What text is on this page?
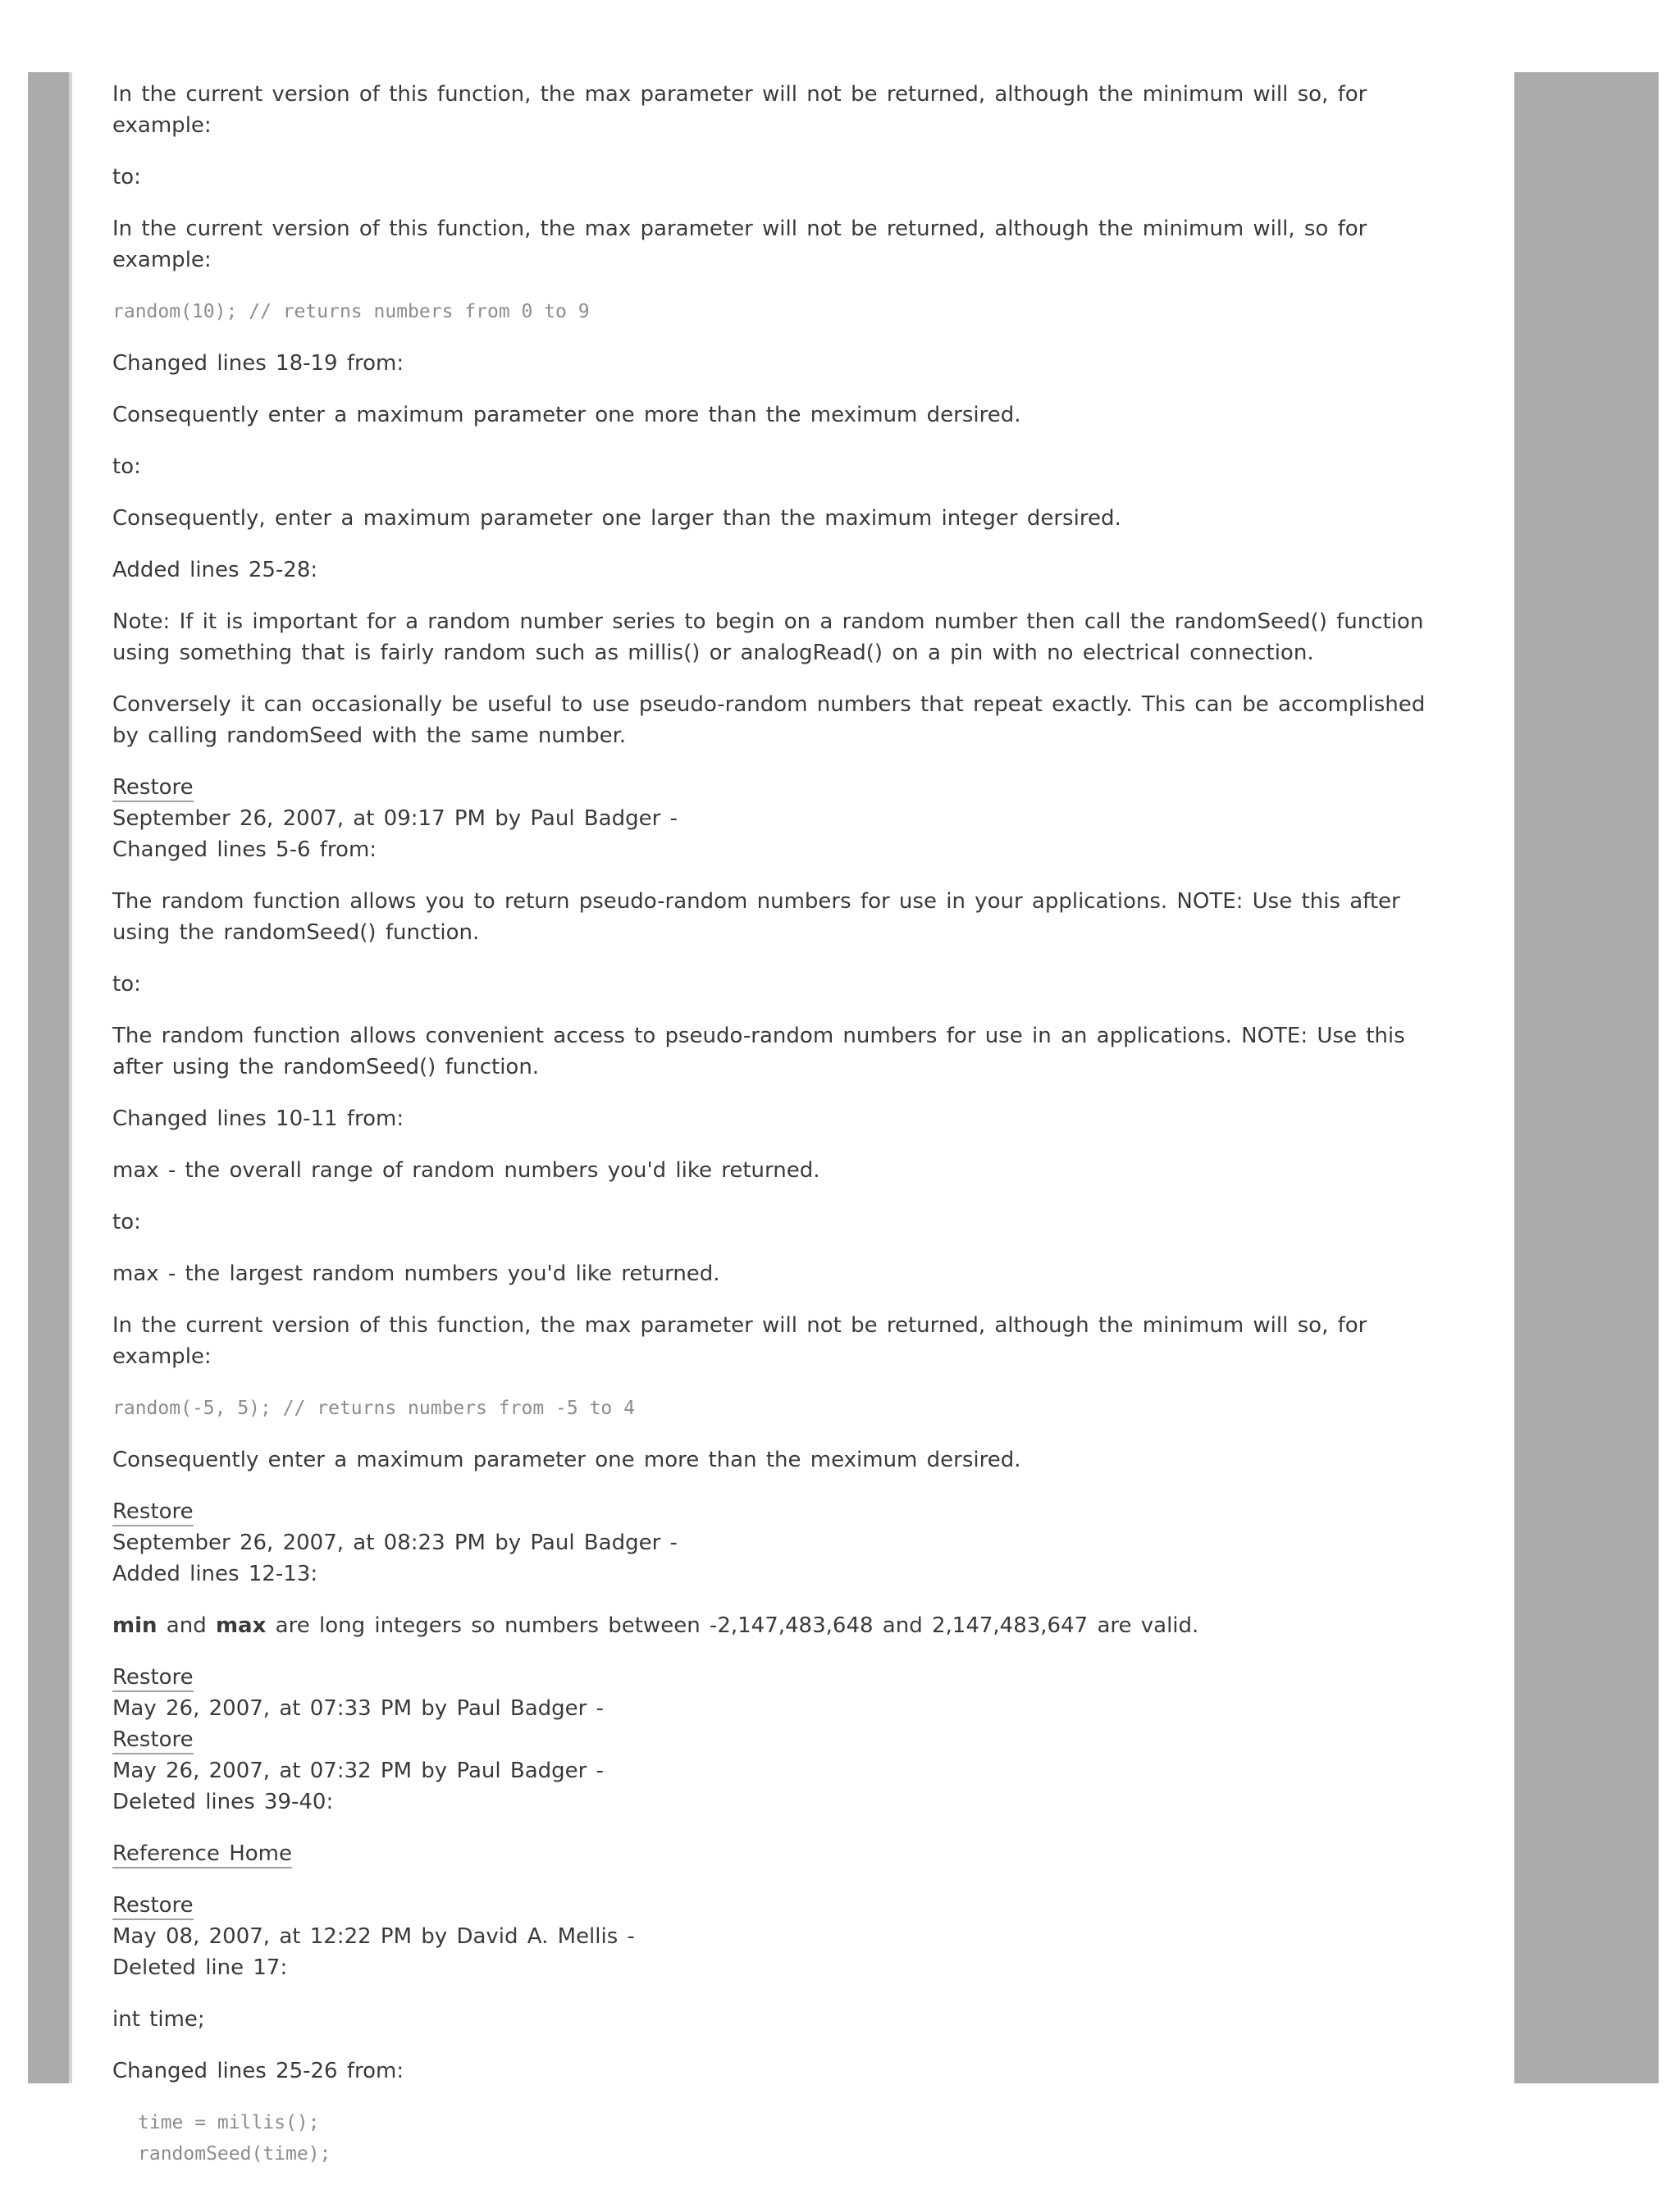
In the current version of this function, the max parameter will not be returned, although the minimum will so, for example:

to:

In the current version of this function, the max parameter will not be returned, although the minimum will, so for example:

random(10); // returns numbers from 0 to 9

Changed lines 18-19 from:

Consequently enter a maximum parameter one more than the meximum dersired.

to:

Consequently, enter a maximum parameter one larger than the maximum integer dersired.

Added lines 25-28:

Note: If it is important for a random number series to begin on a random number then call the randomSeed() function using something that is fairly random such as millis() or analogRead() on a pin with no electrical connection.

Conversely it can occasionally be useful to use pseudo-random numbers that repeat exactly. This can be accomplished by calling randomSeed with the same number.

Restore
September 26, 2007, at 09:17 PM by Paul Badger -
Changed lines 5-6 from:

The random function allows you to return pseudo-random numbers for use in your applications. NOTE: Use this after using the randomSeed() function.

to:

The random function allows convenient access to pseudo-random numbers for use in an applications. NOTE: Use this after using the randomSeed() function.

Changed lines 10-11 from:

max - the overall range of random numbers you'd like returned.

to:

max - the largest random numbers you'd like returned.

In the current version of this function, the max parameter will not be returned, although the minimum will so, for example:

random(-5, 5); // returns numbers from -5 to 4

Consequently enter a maximum parameter one more than the meximum dersired.

Restore
September 26, 2007, at 08:23 PM by Paul Badger -
Added lines 12-13:

min and max are long integers so numbers between -2,147,483,648 and 2,147,483,647 are valid.

Restore
May 26, 2007, at 07:33 PM by Paul Badger -
Restore
May 26, 2007, at 07:32 PM by Paul Badger -
Deleted lines 39-40:

Reference Home

Restore
May 08, 2007, at 12:22 PM by David A. Mellis -
Deleted line 17:

int time;

Changed lines 25-26 from:

time = millis();
randomSeed(time);
